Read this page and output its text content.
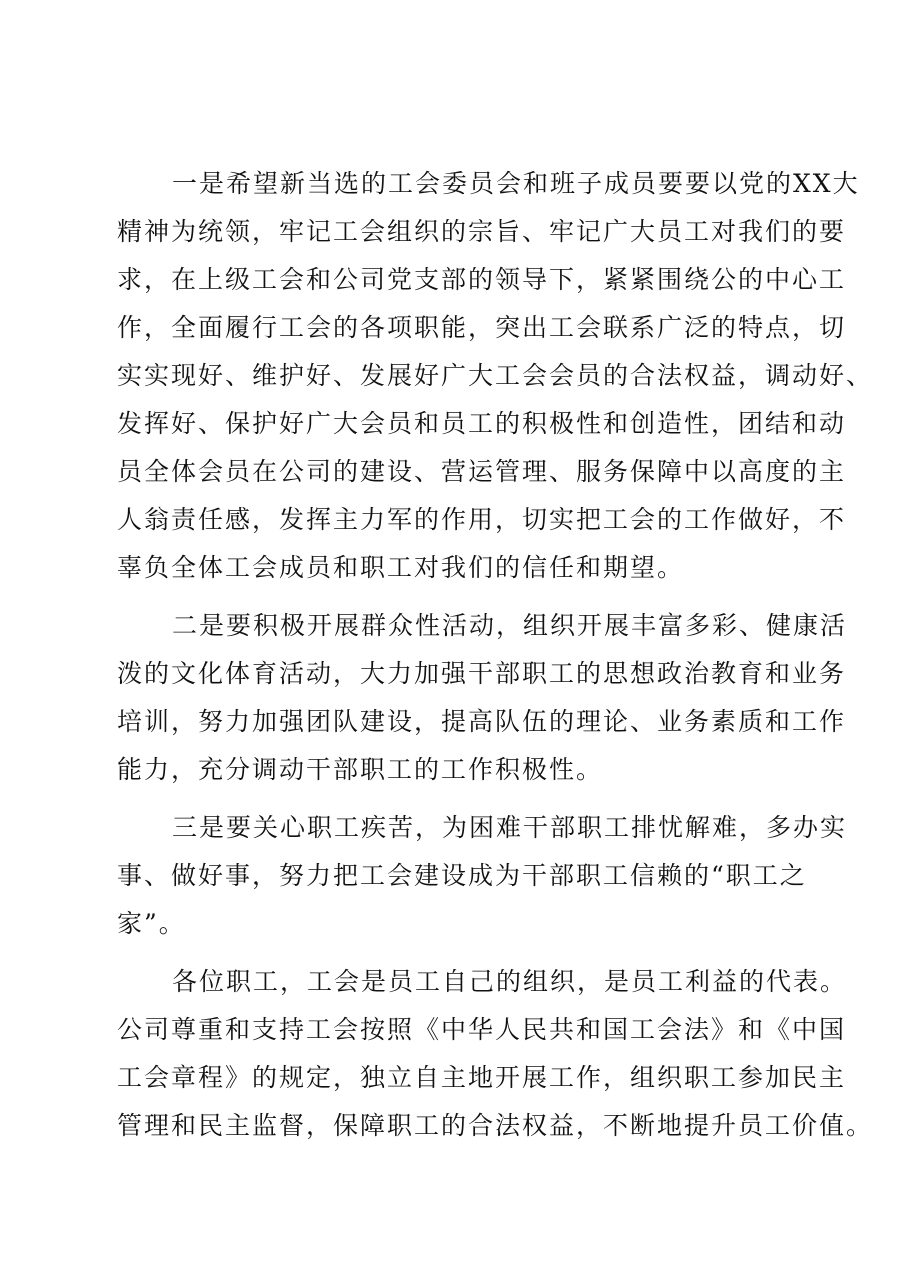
一是希望新当选的工会委员会和班子成员要要以党的XX大
精神为统领，牢记工会组织的宗旨、牢记广大员工对我们的要
求，在上级工会和公司党支部的领导下，紧紧围绕公的中心工
作，全面履行工会的各项职能，突出工会联系广泛的特点，切
实实现好、维护好、发展好广大工会会员的合法权益，调动好、
发挥好、保护好广大会员和员工的积极性和创造性，团结和动
员全体会员在公司的建设、营运管理、服务保障中以高度的主
人翁责任感，发挥主力军的作用，切实把工会的工作做好，不
辜负全体工会成员和职工对我们的信任和期望。
二是要积极开展群众性活动，组织开展丰富多彩、健康活
泼的文化体育活动，大力加强干部职工的思想政治教育和业务
培训，努力加强团队建设，提高队伍的理论、业务素质和工作
能力，充分调动干部职工的工作积极性。
三是要关心职工疾苦，为困难干部职工排忧解难，多办实
事、做好事，努力把工会建设成为干部职工信赖的“职工之
家”。
各位职工，工会是员工自己的组织，是员工利益的代表。
公司尊重和支持工会按照《中华人民共和国工会法》和《中国
工会章程》的规定，独立自主地开展工作，组织职工参加民主
管理和民主监督，保障职工的合法权益，不断地提升员工价值。
